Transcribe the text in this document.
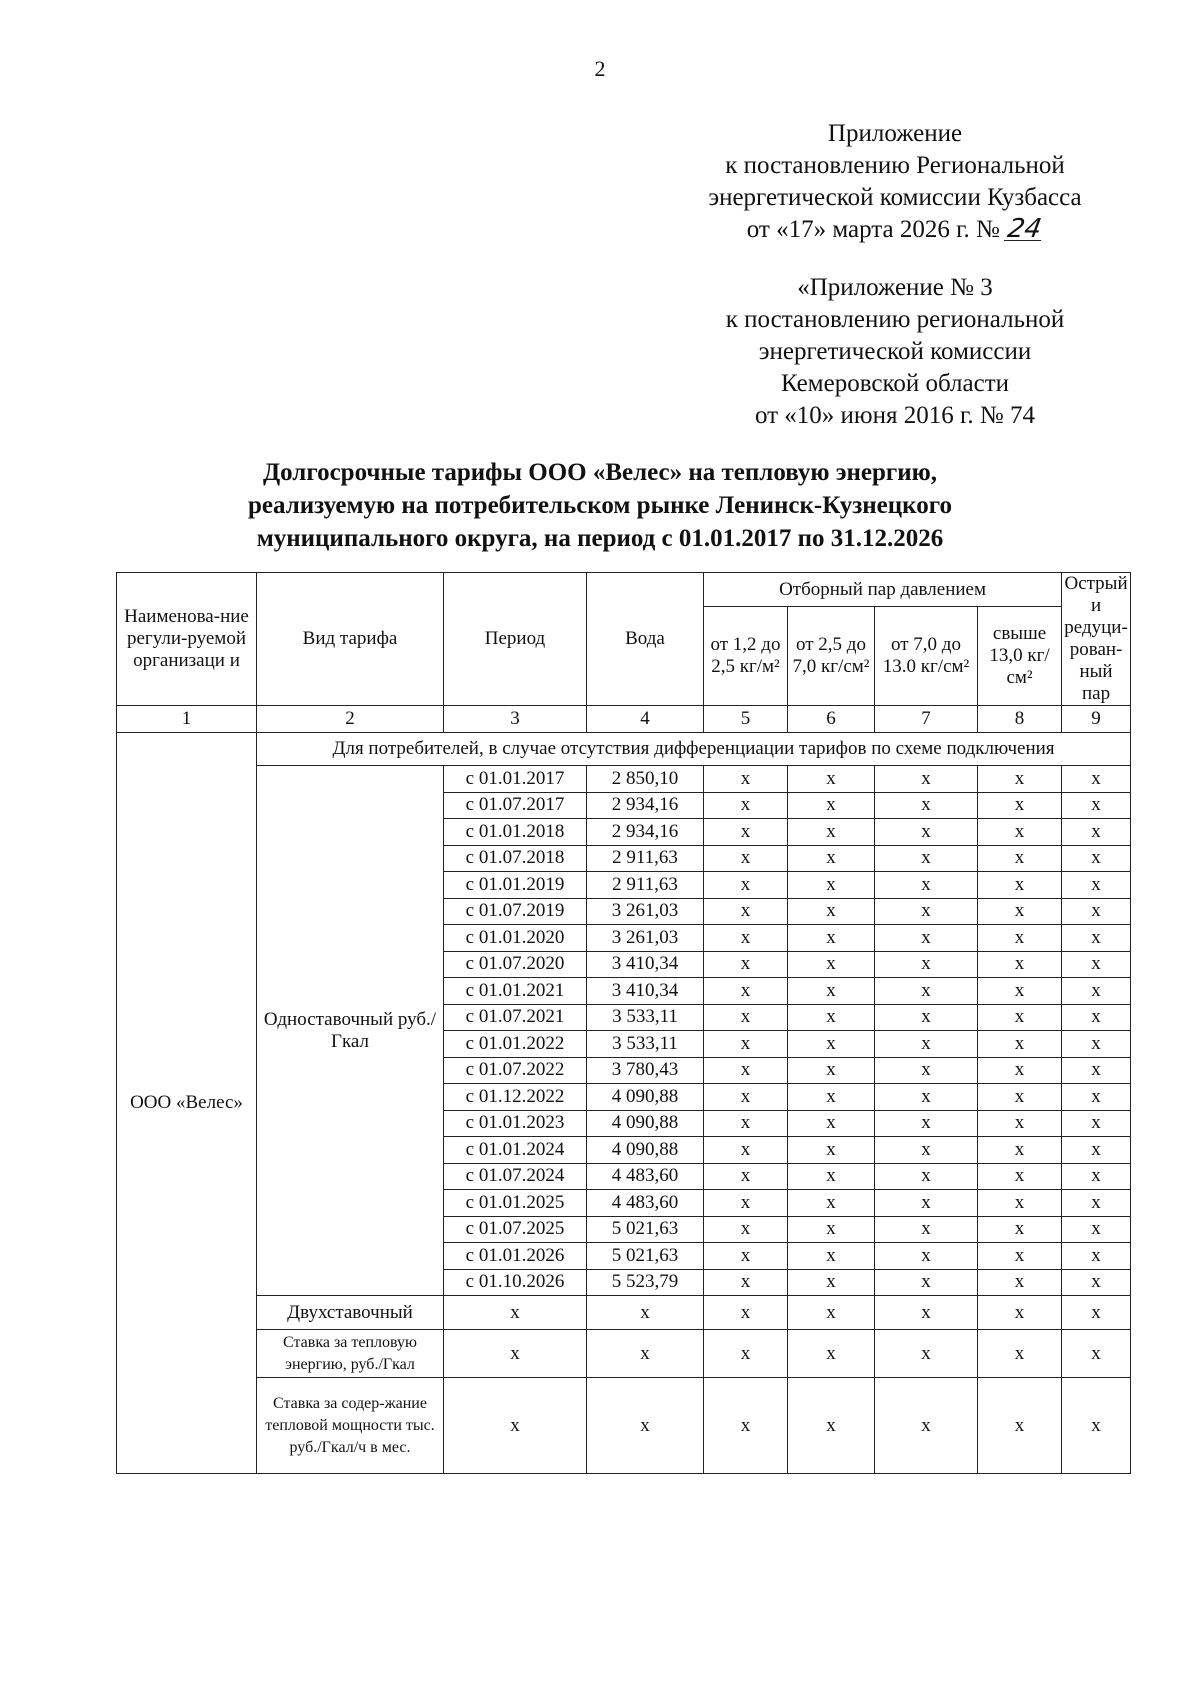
2
Приложение
к постановлению Региональной
энергетической комиссии Кузбасса
от «17» марта 2026 г. № 24
«Приложение № 3
к постановлению региональной
энергетической комиссии
Кемеровской области
от «10» июня 2016 г. № 74
Долгосрочные тарифы ООО «Велес» на тепловую энергию,
реализуемую на потребительском рынке Ленинск-Кузнецкого
муниципального округа, на период с 01.01.2017 по 31.12.2026
Наименова-ние регули-руемой организаци и	Вид тарифа	Период	Вода	Отборный пар давлением				Острый и редуци-рован-ный пар
				от 1,2 до 2,5 кг/м²	от 2,5 до 7,0 кг/см²	от 7,0 до 13.0 кг/см²	свыше 13,0 кг/см²	
1	2	3	4	5	6	7	8	9
ООО «Велес»	Для потребителей, в случае отсутствия дифференциации тарифов по схеме подключения							
	Одноставочный руб./Гкал	с 01.01.2017	2 850,10	х	х	х	х	х
		с 01.07.2017	2 934,16	х	х	х	х	х
		с 01.01.2018	2 934,16	х	х	х	х	х
		с 01.07.2018	2 911,63	х	х	х	х	х
		с 01.01.2019	2 911,63	х	х	х	х	х
		с 01.07.2019	3 261,03	х	х	х	х	х
		с 01.01.2020	3 261,03	х	х	х	х	х
		с 01.07.2020	3 410,34	х	х	х	х	х
		с 01.01.2021	3 410,34	х	х	х	х	х
		с 01.07.2021	3 533,11	х	х	х	х	х
		с 01.01.2022	3 533,11	х	х	х	х	х
		с 01.07.2022	3 780,43	х	х	х	х	х
		с 01.12.2022	4 090,88	х	х	х	х	х
		с 01.01.2023	4 090,88	х	х	х	х	х
		с 01.01.2024	4 090,88	х	х	х	х	х
		с 01.07.2024	4 483,60	х	х	х	х	х
		с 01.01.2025	4 483,60	х	х	х	х	х
		с 01.07.2025	5 021,63	х	х	х	х	х
		с 01.01.2026	5 021,63	х	х	х	х	х
		с 01.10.2026	5 523,79	х	х	х	х	х
	Двухставочный	х	х	х	х	х	х	х
	Ставка за тепловую энергию, руб./Гкал	х	х	х	х	х	х	х
	Ставка за содер-жание тепловой мощности тыс. руб./Гкал/ч в мес.	х	х	х	х	х	х	х
